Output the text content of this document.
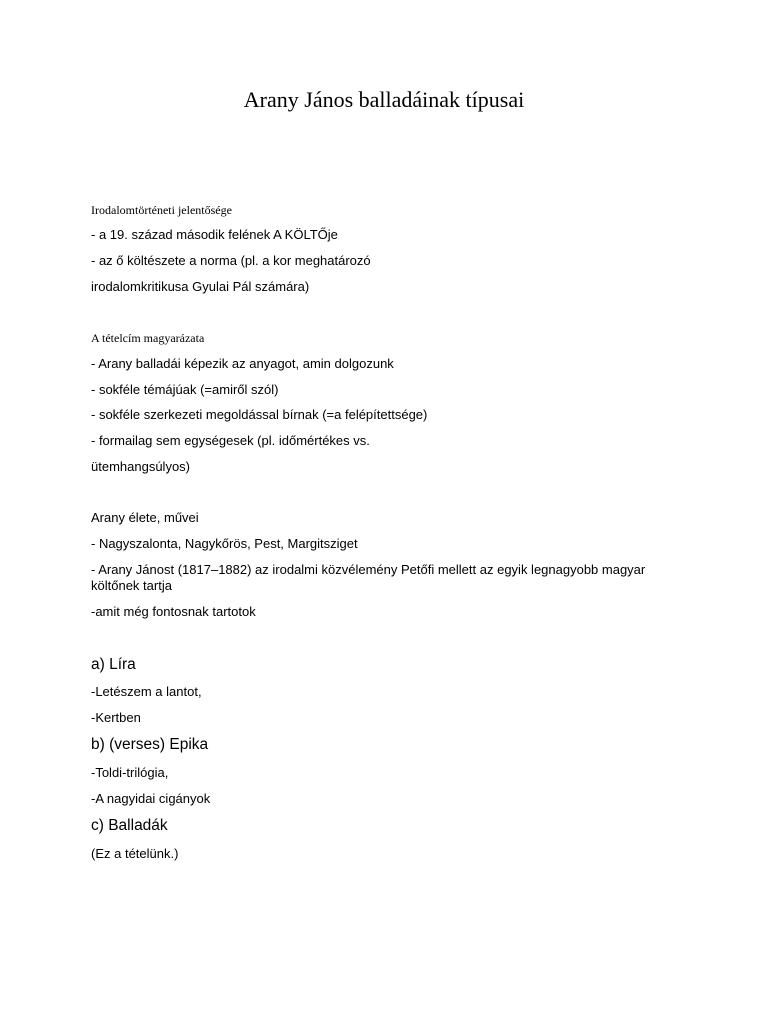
Arany János balladáinak típusai
Irodalomtörténeti jelentősége
- a 19. század második felének A KÖLTŐje
- az ő költészete a norma (pl. a kor meghatározó
irodalomkritikusa Gyulai Pál számára)
A tételcím magyarázata
- Arany balladái képezik az anyagot, amin dolgozunk
- sokféle témájúak (=amiről szól)
- sokféle szerkezeti megoldással bírnak (=a felépítettsége)
- formailag sem egységesek (pl. időmértékes vs.
ütemhangsúlyos)
Arany élete, művei
- Nagyszalonta, Nagykőrös, Pest, Margitsziget
- Arany Jánost (1817–1882) az irodalmi közvélemény Petőfi mellett az egyik legnagyobb magyar
költőnek tartja
-amit még fontosnak tartotok
a) Líra
-Letészem a lantot,
-Kertben
b) (verses) Epika
-Toldi-trilógia,
-A nagyidai cigányok
c) Balladák
(Ez a tételünk.)
